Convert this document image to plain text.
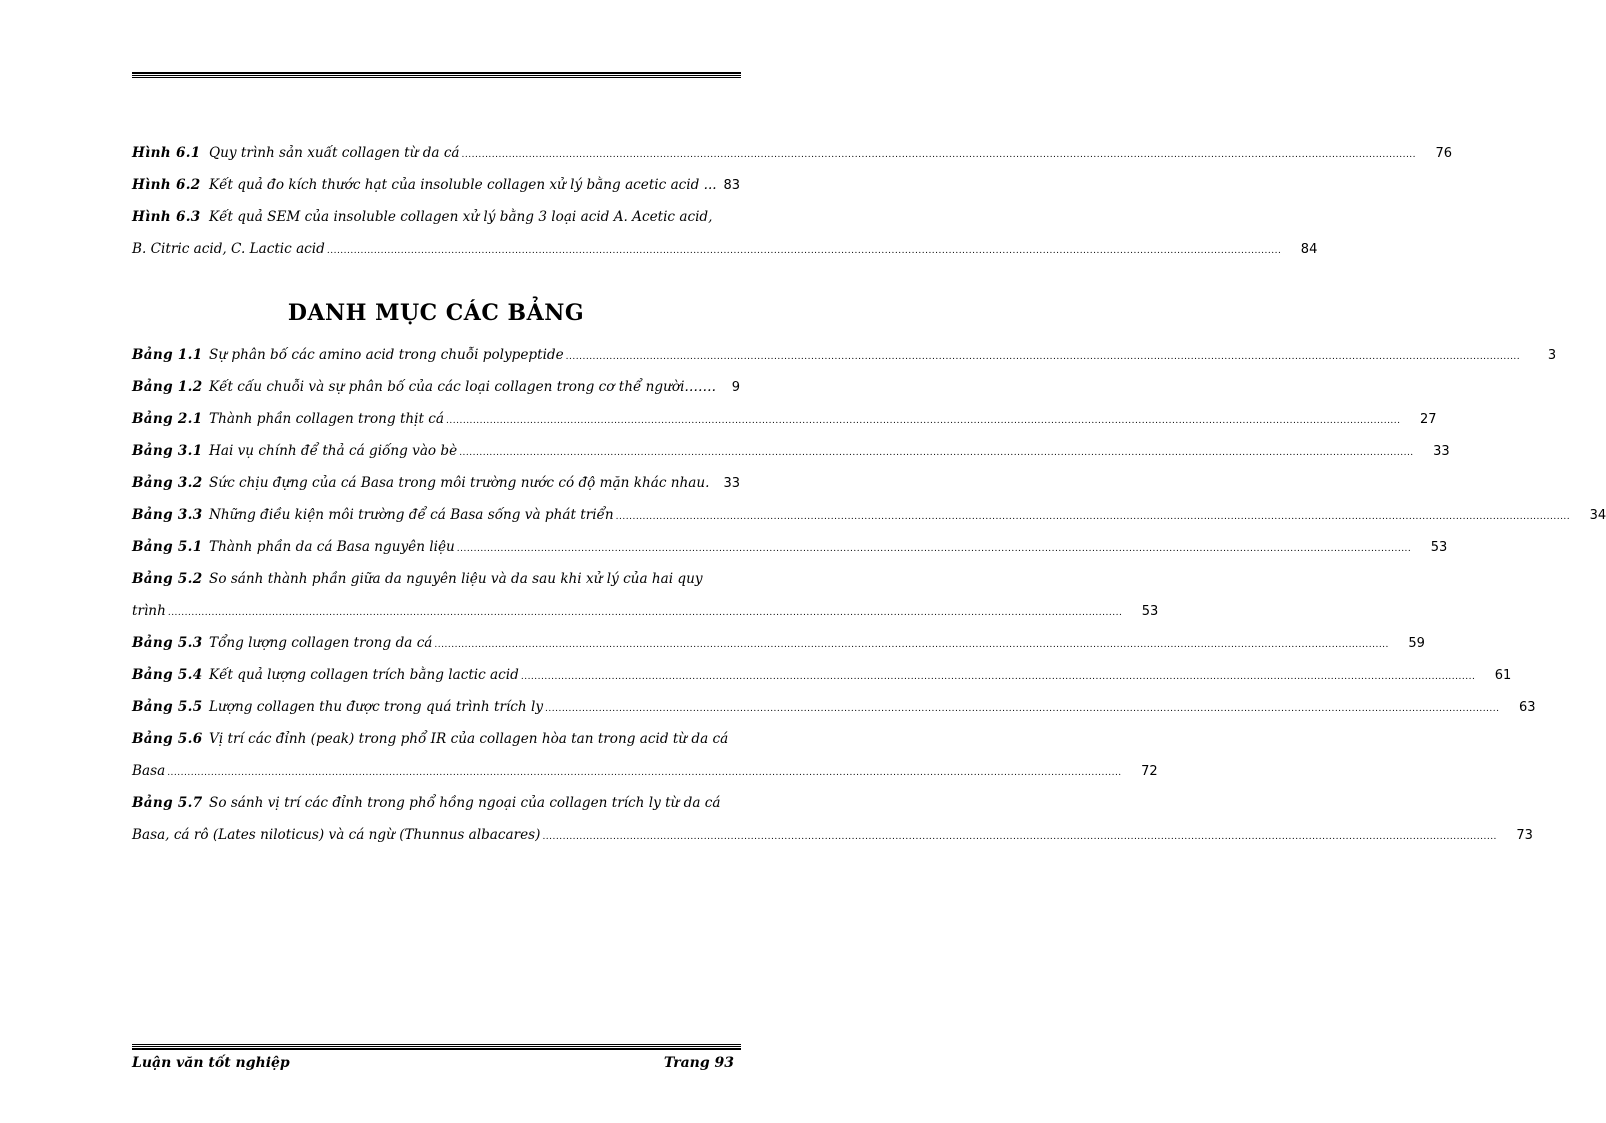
Hình 6.1 Quy trình sản xuất collagen từ da cá .....	76
Hình 6.2 Kết quả đo kích thước hạt của insoluble collagen xử lý bằng acetic acid ... 83
Hình 6.3 Kết quả SEM của insoluble collagen xử lý bằng 3 loại acid A. Acetic acid,
B. Citric acid, C. Lactic acid .....	84
DANH MỤC CÁC BẢNG
Bảng 1.1 Sự phân bố các amino acid trong chuỗi polypeptide .....	3
Bảng 1.2 Kết cấu chuỗi và sự phân bố của các loại collagen trong cơ thể người……. 9
Bảng 2.1 Thành phần collagen trong thịt cá .....	27
Bảng 3.1 Hai vụ chính để thả cá giống vào bè .....	33
Bảng 3.2 Sức chịu đựng của cá Basa trong môi trường nước có độ mặn khác nhau. 33
Bảng 3.3 Những điều kiện môi trường để cá Basa sống và phát triển .....	34
Bảng 5.1 Thành phần da cá Basa nguyên liệu .....	53
Bảng 5.2 So sánh thành phần giữa da nguyên liệu và da sau khi xử lý của hai quy
trình .....	53
Bảng 5.3 Tổng lượng collagen trong da cá .....	59
Bảng 5.4 Kết quả lượng collagen trích bằng lactic acid .....	61
Bảng 5.5 Lượng collagen thu được trong quá trình trích ly .....	63
Bảng 5.6 Vị trí các đỉnh (peak) trong phổ IR của collagen hòa tan trong acid từ da cá
Basa .....	72
Bảng 5.7 So sánh vị trí các đỉnh trong phổ hồng ngoại của collagen trích ly từ da cá
Basa, cá rô (Lates niloticus) và cá ngừ (Thunnus albacares) .....	73
Luận văn tốt nghiệp	Trang 93
